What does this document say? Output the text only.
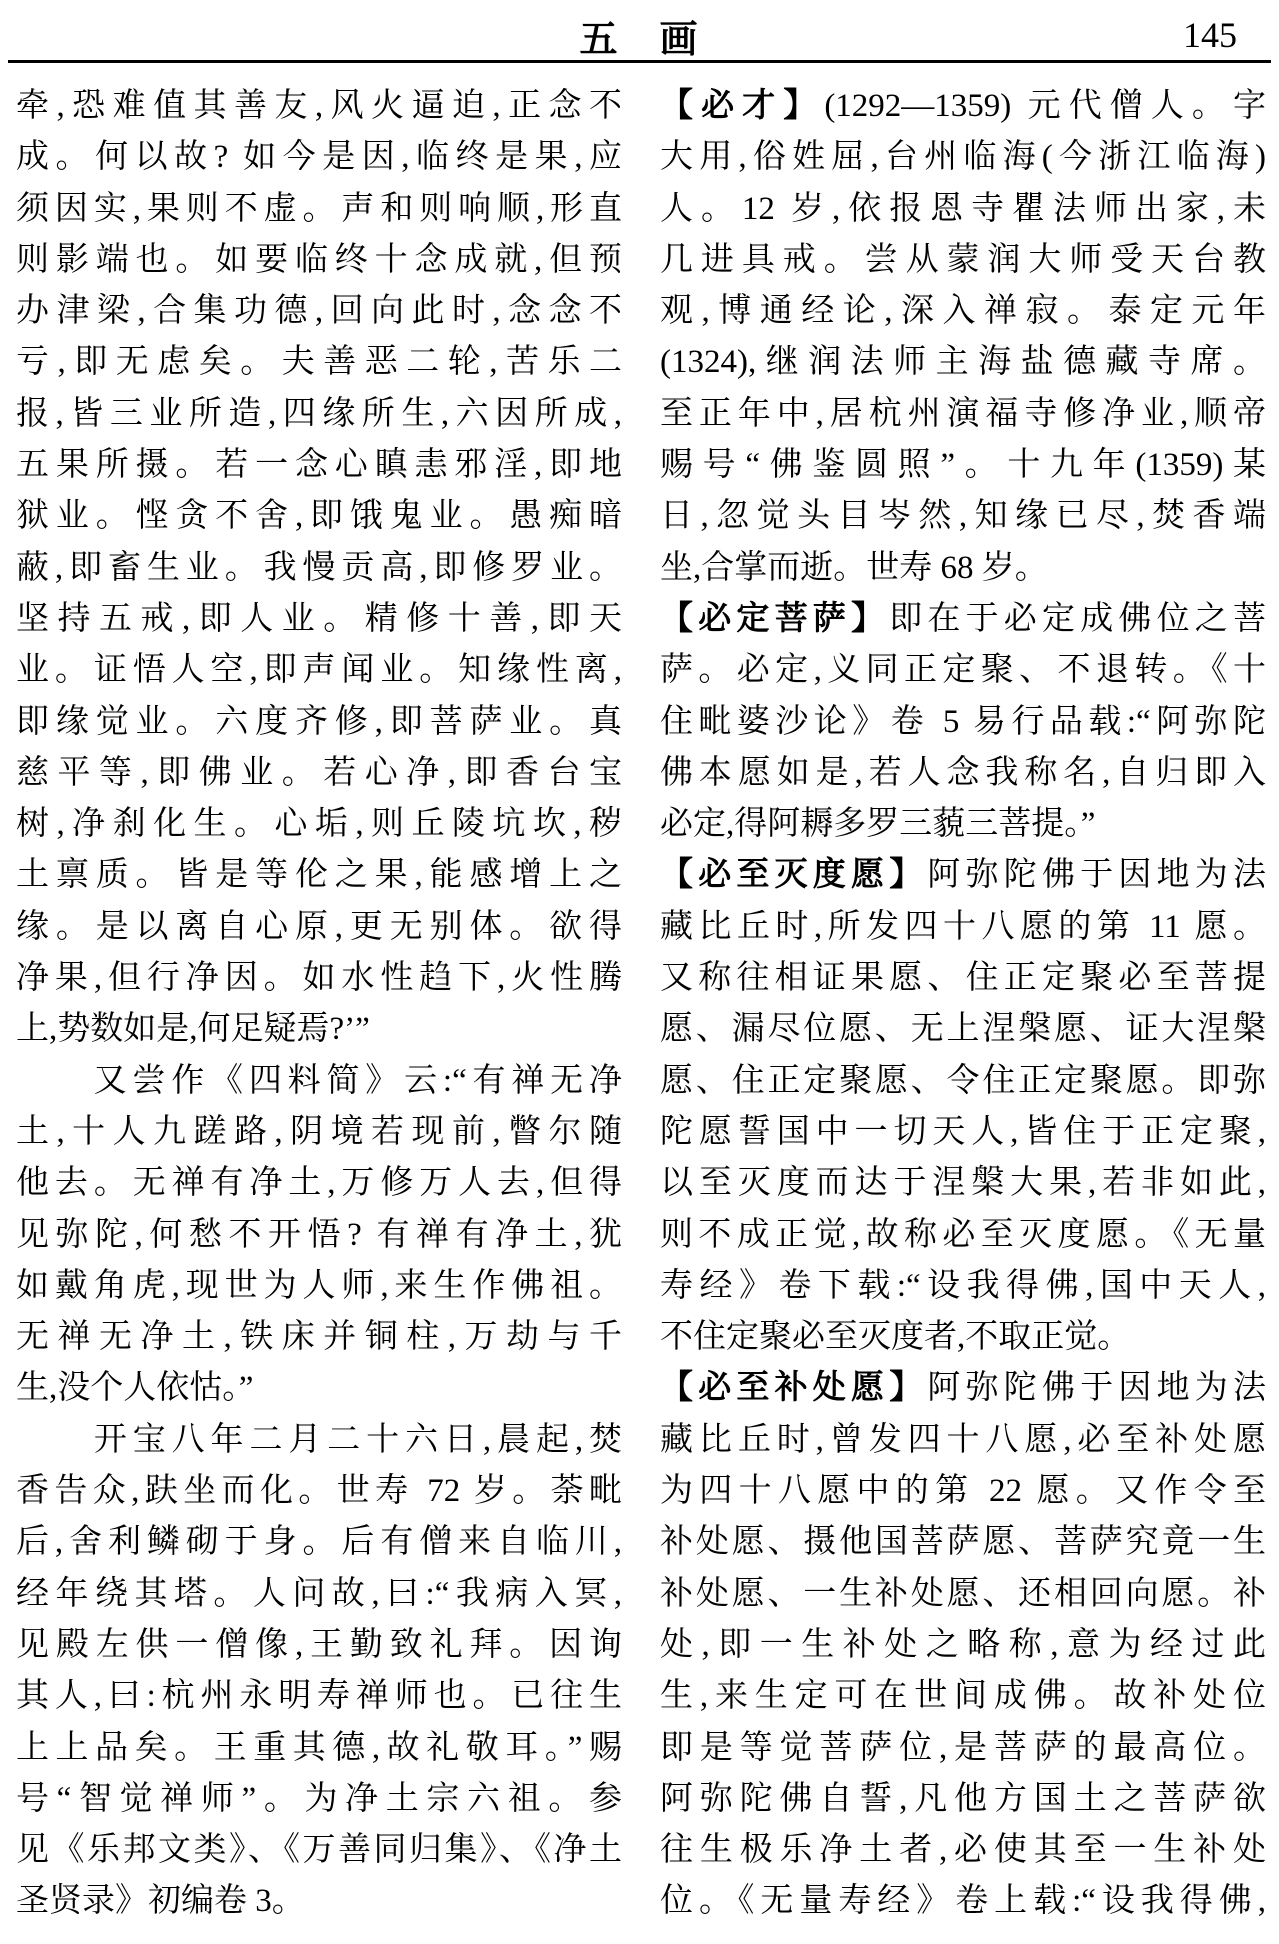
五　画	145
牵,恐难值其善友,风火逼迫,正念不
成。何以故? 如今是因,临终是果,应
须因实,果则不虚。声和则响顺,形直
则影端也。如要临终十念成就,但预
办津梁,合集功德,回向此时,念念不
亏,即无虑矣。夫善恶二轮,苦乐二
报,皆三业所造,四缘所生,六因所成,
五果所摄。若一念心瞋恚邪淫,即地
狱业。悭贪不舍,即饿鬼业。愚痴暗
蔽,即畜生业。我慢贡高,即修罗业。
坚持五戒,即人业。精修十善,即天
业。证悟人空,即声闻业。知缘性离,
即缘觉业。六度齐修,即菩萨业。真
慈平等,即佛业。若心净,即香台宝
树,净刹化生。心垢,则丘陵坑坎,秽
土禀质。皆是等伦之果,能感增上之
缘。是以离自心原,更无别体。欲得
净果,但行净因。如水性趋下,火性腾
上,势数如是,何足疑焉?’”
　　又尝作《四料简》云:“有禅无净
土,十人九蹉路,阴境若现前,瞥尔随
他去。无禅有净土,万修万人去,但得
见弥陀,何愁不开悟? 有禅有净土,犹
如戴角虎,现世为人师,来生作佛祖。
无禅无净土,铁床并铜柱,万劫与千
生,没个人依怙。”
　　开宝八年二月二十六日,晨起,焚
香告众,趺坐而化。世寿 72 岁。荼毗
后,舍利鳞砌于身。后有僧来自临川,
经年绕其塔。人问故,曰:“我病入冥,
见殿左供一僧像,王勤致礼拜。因询
其人,曰:杭州永明寿禅师也。已往生
上上品矣。王重其德,故礼敬耳。”赐
号“智觉禅师”。为净土宗六祖。参
见《乐邦文类》、《万善同归集》、《净土
圣贤录》初编卷 3。
【必才】(1292—1359) 元代僧人。字
大用,俗姓屈,台州临海(今浙江临海)
人。12 岁,依报恩寺瞿法师出家,未
几进具戒。尝从蒙润大师受天台教
观,博通经论,深入禅寂。泰定元年
(1324),继润法师主海盐德藏寺席。
至正年中,居杭州演福寺修净业,顺帝
赐号“佛鉴圆照”。十九年(1359)某
日,忽觉头目岑然,知缘已尽,焚香端
坐,合掌而逝。世寿 68 岁。
【必定菩萨】即在于必定成佛位之菩
萨。必定,义同正定聚、不退转。《十
住毗婆沙论》卷 5 易行品载:“阿弥陀
佛本愿如是,若人念我称名,自归即入
必定,得阿耨多罗三藐三菩提。”
【必至灭度愿】阿弥陀佛于因地为法
藏比丘时,所发四十八愿的第 11 愿。
又称往相证果愿、住正定聚必至菩提
愿、漏尽位愿、无上涅槃愿、证大涅槃
愿、住正定聚愿、令住正定聚愿。即弥
陀愿誓国中一切天人,皆住于正定聚,
以至灭度而达于涅槃大果,若非如此,
则不成正觉,故称必至灭度愿。《无量
寿经》卷下载:“设我得佛,国中天人,
不住定聚必至灭度者,不取正觉。
【必至补处愿】阿弥陀佛于因地为法
藏比丘时,曾发四十八愿,必至补处愿
为四十八愿中的第 22 愿。又作令至
补处愿、摄他国菩萨愿、菩萨究竟一生
补处愿、一生补处愿、还相回向愿。补
处,即一生补处之略称,意为经过此
生,来生定可在世间成佛。故补处位
即是等觉菩萨位,是菩萨的最高位。
阿弥陀佛自誓,凡他方国土之菩萨欲
往生极乐净土者,必使其至一生补处
位。《无量寿经》卷上载:“设我得佛,
